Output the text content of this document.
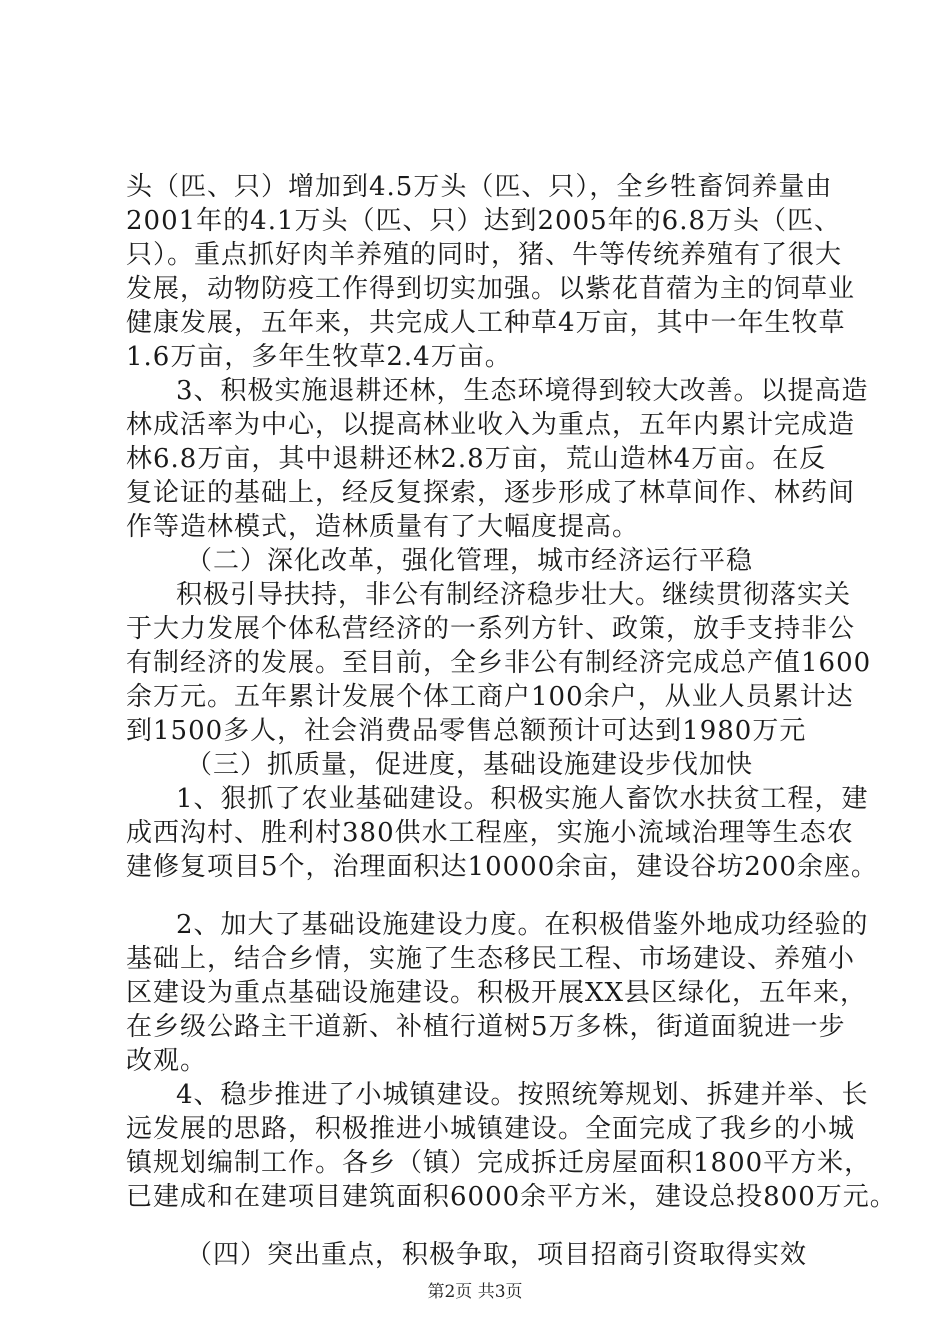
头（匹、只）增加到4.5万头（匹、只），全乡牲畜饲养量由
2001年的4.1万头（匹、只）达到2005年的6.8万头（匹、
只）。重点抓好肉羊养殖的同时，猪、牛等传统养殖有了很大
发展，动物防疫工作得到切实加强。以紫花苜蓿为主的饲草业
健康发展，五年来，共完成人工种草4万亩，其中一年生牧草
1.6万亩，多年生牧草2.4万亩。
3、积极实施退耕还林，生态环境得到较大改善。以提高造
林成活率为中心，以提高林业收入为重点，五年内累计完成造
林6.8万亩，其中退耕还林2.8万亩，荒山造林4万亩。在反
复论证的基础上，经反复探索，逐步形成了林草间作、林药间
作等造林模式，造林质量有了大幅度提高。
（二）深化改革，强化管理，城市经济运行平稳
积极引导扶持，非公有制经济稳步壮大。继续贯彻落实关
于大力发展个体私营经济的一系列方针、政策，放手支持非公
有制经济的发展。至目前，全乡非公有制经济完成总产值1600
余万元。五年累计发展个体工商户100余户，从业人员累计达
到1500多人，社会消费品零售总额预计可达到1980万元
（三）抓质量，促进度，基础设施建设步伐加快
1、狠抓了农业基础建设。积极实施人畜饮水扶贫工程，建
成西沟村、胜利村380供水工程座，实施小流域治理等生态农
建修复项目5个，治理面积达10000余亩，建设谷坊200余座。
2、加大了基础设施建设力度。在积极借鉴外地成功经验的
基础上，结合乡情，实施了生态移民工程、市场建设、养殖小
区建设为重点基础设施建设。积极开展XX县区绿化，五年来，
在乡级公路主干道新、补植行道树5万多株，街道面貌进一步
改观。
4、稳步推进了小城镇建设。按照统筹规划、拆建并举、长
远发展的思路，积极推进小城镇建设。全面完成了我乡的小城
镇规划编制工作。各乡（镇）完成拆迁房屋面积1800平方米，
已建成和在建项目建筑面积6000余平方米，建设总投800万元。
（四）突出重点，积极争取，项目招商引资取得实效
第2页 共3页
